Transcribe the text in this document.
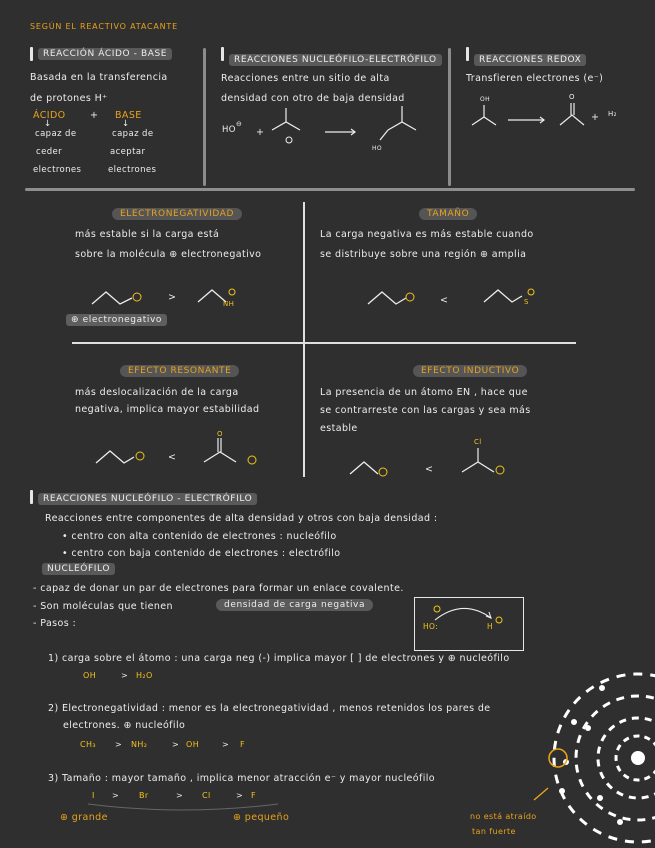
SEGÚN EL REACTIVO ATACANTE
REACCIÓN ÁCIDO - BASE
Basada en la transferencia
de protones H⁺
ÁCIDO	+ BASE
↓	↓
capaz de
ceder
electrones
capaz de
aceptar
electrones
REACCIONES NUCLEÓFILO-ELECTRÓFILO
Reacciones entre un sitio de alta
densidad con otro de baja densidad
HO
⊖
+
HO
REACCIONES REDOX
Transfieren electrones (e⁻)
OH	O
+ H₂
ELECTRONEGATIVIDAD
más estable si la carga está
sobre la molécula ⊕ electronegativo
>
NH
⊕ electronegativo
TAMAÑO
La carga negativa es más estable cuando
se distribuye sobre una región ⊕ amplia
<	S
EFECTO RESONANTE
más deslocalización de la carga
negativa, implica mayor estabilidad
<
O
EFECTO INDUCTIVO
La presencia de un átomo EN , hace que
se contrarreste con las cargas y sea más
estable
<
Cl
REACCIONES NUCLEÓFILO - ELECTRÓFILO
Reacciones entre componentes de alta densidad y otros con baja densidad :
• centro con alta contenido de electrones : nucleófilo
• centro con baja contenido de electrones : electrófilo
NUCLEÓFILO
- capaz de donar un par de electrones para formar un enlace covalente.
- Son moléculas que tienen	densidad de carga negativa
- Pasos :	HO:	H
1) carga sobre el átomo : una carga neg (-) implica mayor [ ] de electrones y ⊕ nucleófilo
OH	> H₂O
2) Electronegatividad : menor es la electronegatividad , menos retenidos los pares de
electrones. ⊕ nucleófilo
CH₃ > NH₂	> OH	> F
3) Tamaño : mayor tamaño , implica menor atracción e⁻ y mayor nucleófilo
I > Br	> Cl	> F
⊕ grande	⊕ pequeño	no está atraído
tan fuerte
